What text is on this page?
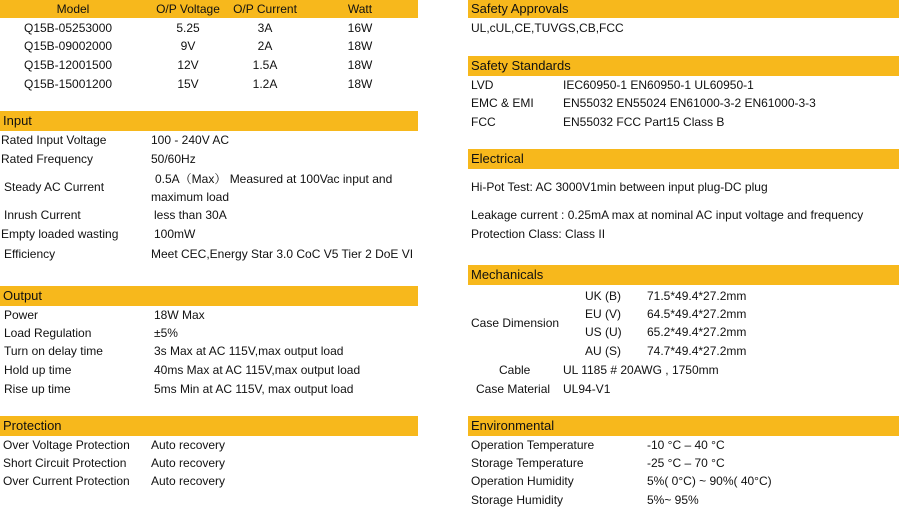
Model	O/P Voltage	O/P Current	Watt
Q15B-05253000	5.25	3A	16W
Q15B-09002000	9V	2A	18W
Q15B-12001500	12V	1.5A	18W
Q15B-15001200	15V	1.2A	18W
Input
Rated Input Voltage	100 - 240V AC
Rated Frequency	50/60Hz
Steady AC Current
0.5A（Max） Measured at 100Vac input and
maximum load
Inrush Current	less than 30A
Empty loaded wasting	100mW
Efficiency	Meet CEC,Energy Star 3.0 CoC V5 Tier 2 DoE VI
Output
Power	18W Max
Load Regulation	±5%
Turn on delay time	3s Max at AC 115V,max output load
Hold up time	40ms Max at AC 115V,max output load
Rise up time	5ms Min at AC 115V, max output load
Protection
Over Voltage Protection Auto recovery
Short Circuit Protection Auto recovery
Over Current Protection Auto recovery
Safety Approvals
UL,cUL,CE,TUVGS,CB,FCC
Safety Standards
LVD	IEC60950-1 EN60950-1 UL60950-1
EMC & EMI EN55032 EN55024 EN61000-3-2 EN61000-3-3
FCC	EN55032 FCC Part15 Class B
Electrical
Hi-Pot Test: AC 3000V1min between input plug-DC plug
Leakage current : 0.25mA max at nominal AC input voltage and frequency
Protection Class: Class II
Mechanicals
Case Dimension
UK (B) 71.5*49.4*27.2mm
EU (V) 64.5*49.4*27.2mm
US (U) 65.2*49.4*27.2mm
AU (S) 74.7*49.4*27.2mm
Cable	UL 1185 # 20AWG , 1750mm
Case Material UL94-V1
Environmental
Operation Temperature	-10 °C – 40 °C
Storage Temperature	-25 °C – 70 °C
Operation Humidity	5%( 0°C) ~ 90%( 40°C)
Storage Humidity	5%~ 95%
